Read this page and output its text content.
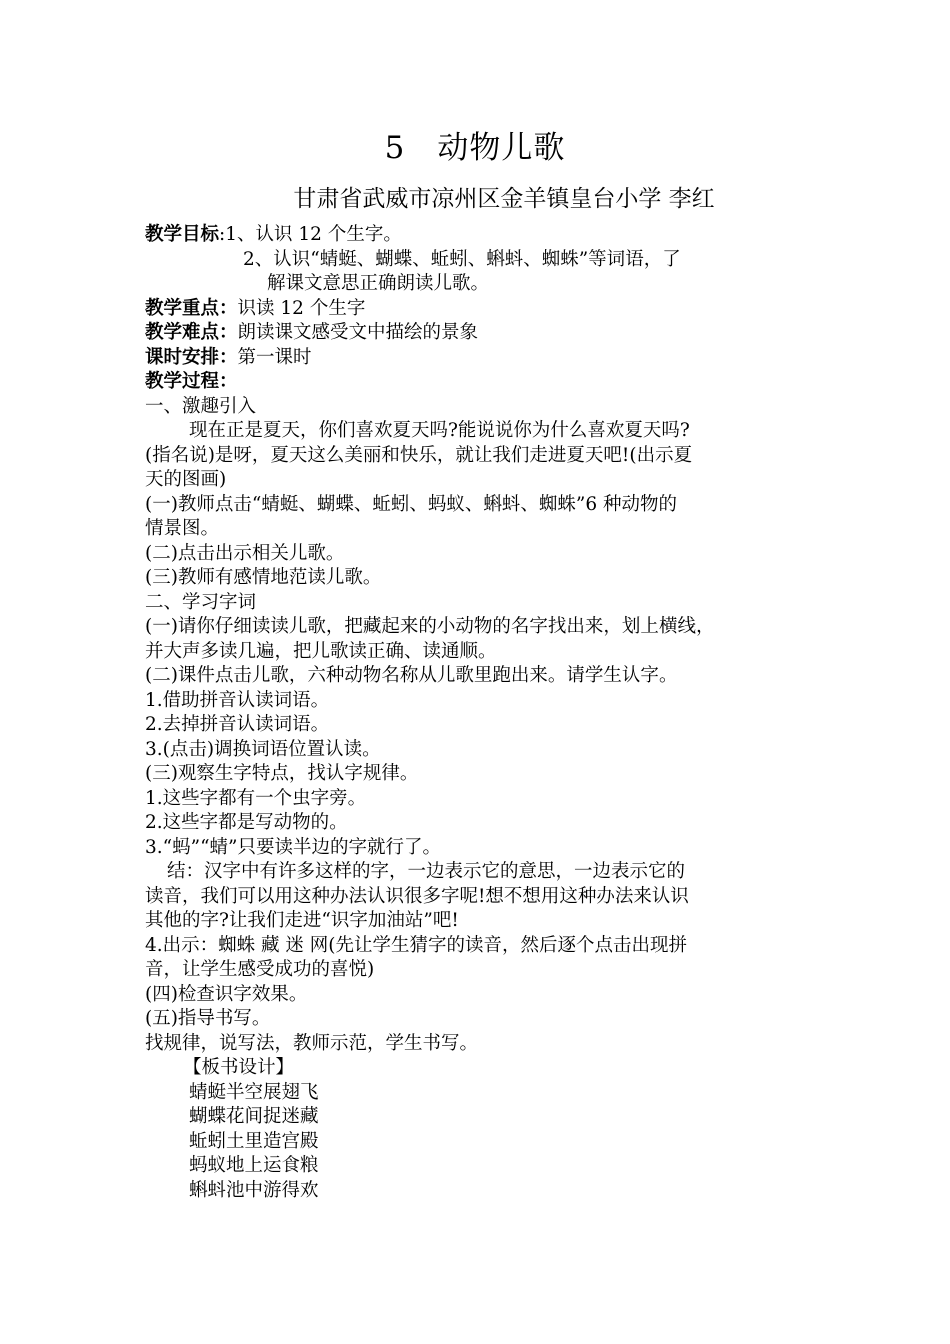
5　动物儿歌
甘肃省武威市凉州区金羊镇皇台小学 李红
教学目标:1、认识 12 个生字。
2、认识“蜻蜓、蝴蝶、蚯蚓、蝌蚪、蜘蛛”等词语，了
解课文意思正确朗读儿歌。
教学重点：识读 12 个生字
教学难点：朗读课文感受文中描绘的景象
课时安排：第一课时
教学过程：
一、激趣引入
现在正是夏天，你们喜欢夏天吗?能说说你为什么喜欢夏天吗?
(指名说)是呀，夏天这么美丽和快乐，就让我们走进夏天吧!(出示夏
天的图画)
(一)教师点击“蜻蜓、蝴蝶、蚯蚓、蚂蚁、蝌蚪、蜘蛛”6 种动物的
情景图。
(二)点击出示相关儿歌。
(三)教师有感情地范读儿歌。
二、学习字词
(一)请你仔细读读儿歌，把藏起来的小动物的名字找出来，划上横线，
并大声多读几遍，把儿歌读正确、读通顺。
(二)课件点击儿歌，六种动物名称从儿歌里跑出来。请学生认字。
1.借助拼音认读词语。
2.去掉拼音认读词语。
3.(点击)调换词语位置认读。
(三)观察生字特点，找认字规律。
1.这些字都有一个虫字旁。
2.这些字都是写动物的。
3.“蚂”“蜻”只要读半边的字就行了。
结：汉字中有许多这样的字，一边表示它的意思，一边表示它的
读音，我们可以用这种办法认识很多字呢!想不想用这种办法来认识
其他的字?让我们走进“识字加油站”吧!
4.出示：蜘蛛 藏 迷 网(先让学生猜字的读音，然后逐个点击出现拼
音，让学生感受成功的喜悦)
(四)检查识字效果。
(五)指导书写。
找规律，说写法，教师示范，学生书写。
【板书设计】
蜻蜓半空展翅飞
蝴蝶花间捉迷藏
蚯蚓土里造宫殿
蚂蚁地上运食粮
蝌蚪池中游得欢
